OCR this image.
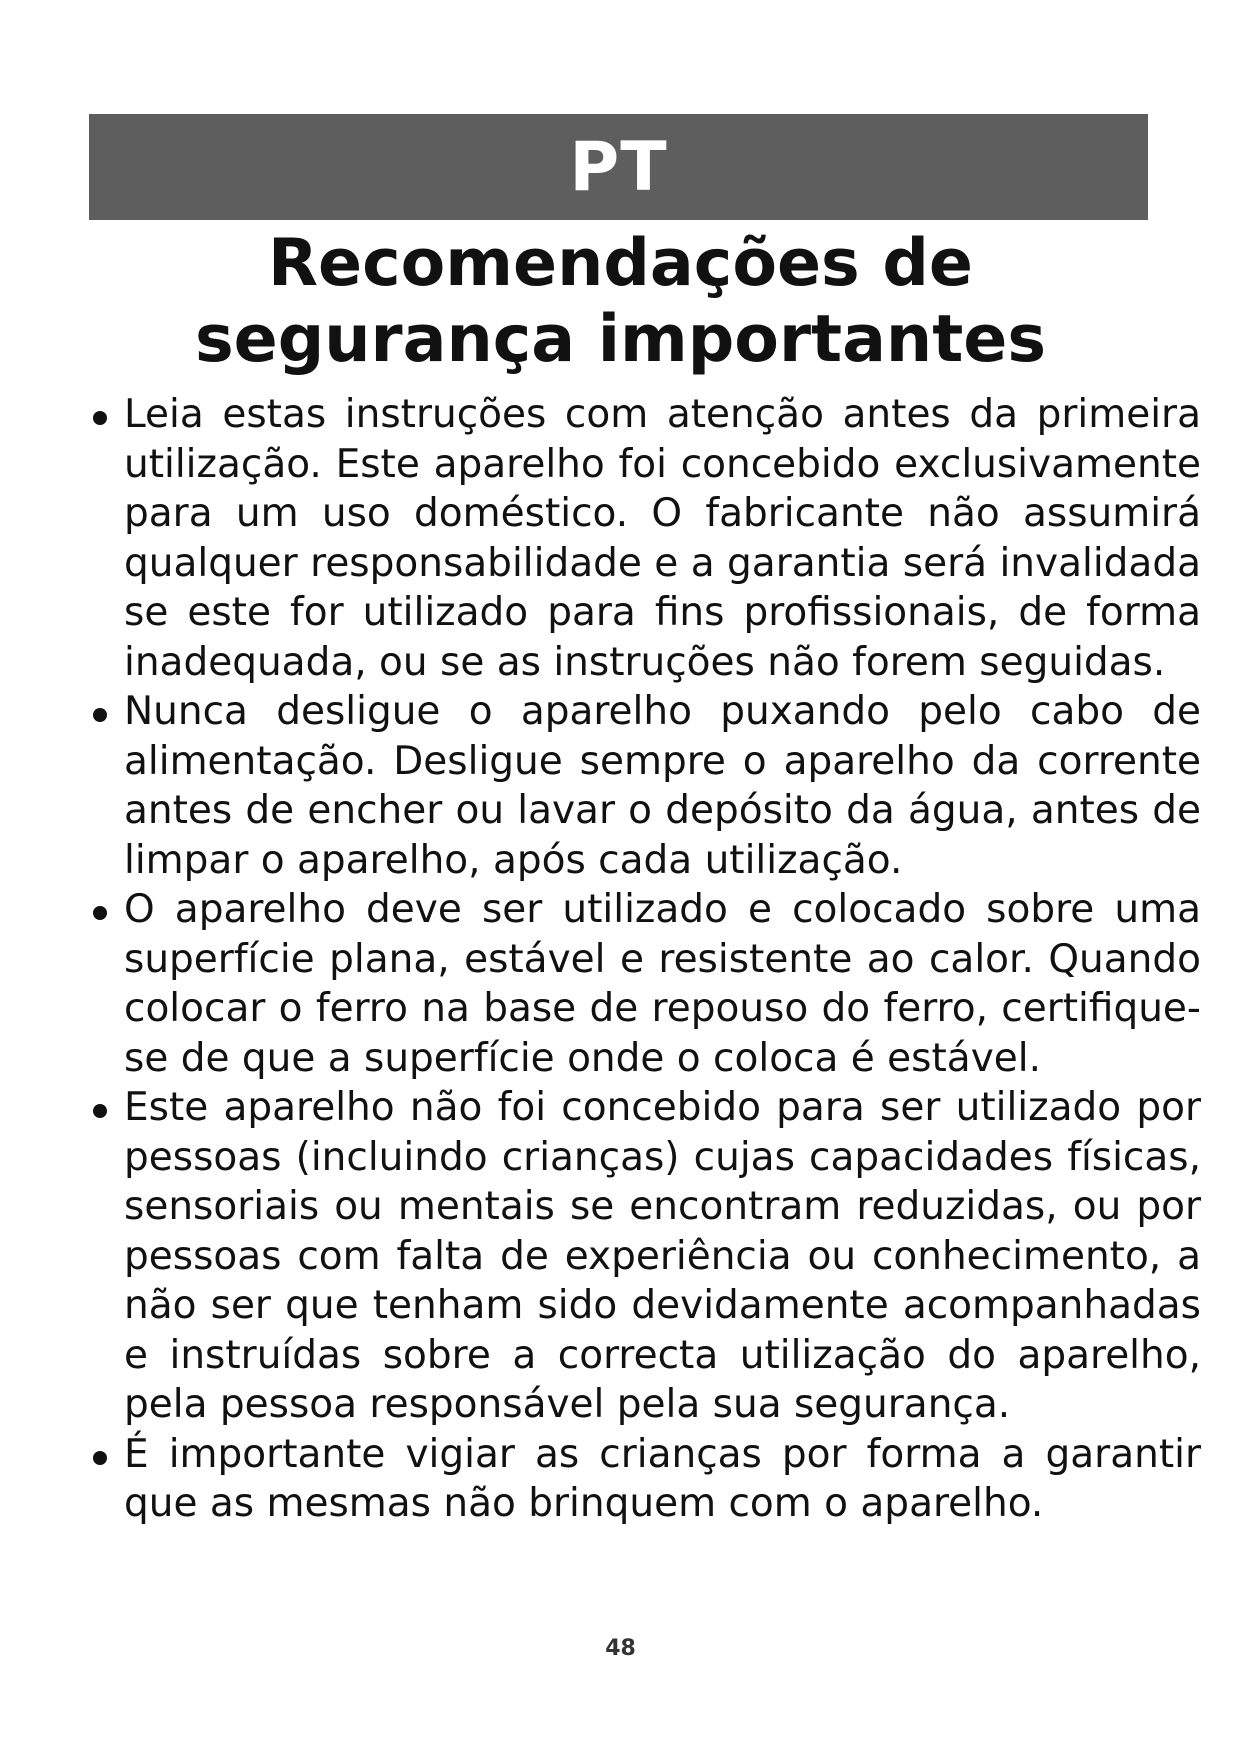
PT
Recomendações de
segurança importantes
Leia estas instruções com atenção antes da primeira utilização. Este aparelho foi concebido exclusivamente para um uso doméstico. O fabricante não assumirá qualquer responsabilidade e a garantia será invalidada se este for utilizado para fins profissionais, de forma inadequada, ou se as instruções não forem seguidas.
Nunca desligue o aparelho puxando pelo cabo de alimentação. Desligue sempre o aparelho da corrente antes de encher ou lavar o depósito da água, antes de limpar o aparelho, após cada utilização.
O aparelho deve ser utilizado e colocado sobre uma superfície plana, estável e resistente ao calor. Quando colocar o ferro na base de repouso do ferro, certifique-se de que a superfície onde o coloca é estável.
Este aparelho não foi concebido para ser utilizado por pessoas (incluindo crianças) cujas capacidades físicas, sensoriais ou mentais se encontram reduzidas, ou por pessoas com falta de experiência ou conhecimento, a não ser que tenham sido devidamente acompanhadas e instruídas sobre a correcta utilização do aparelho, pela pessoa responsável pela sua segurança.
É importante vigiar as crianças por forma a garantir que as mesmas não brinquem com o aparelho.
48
